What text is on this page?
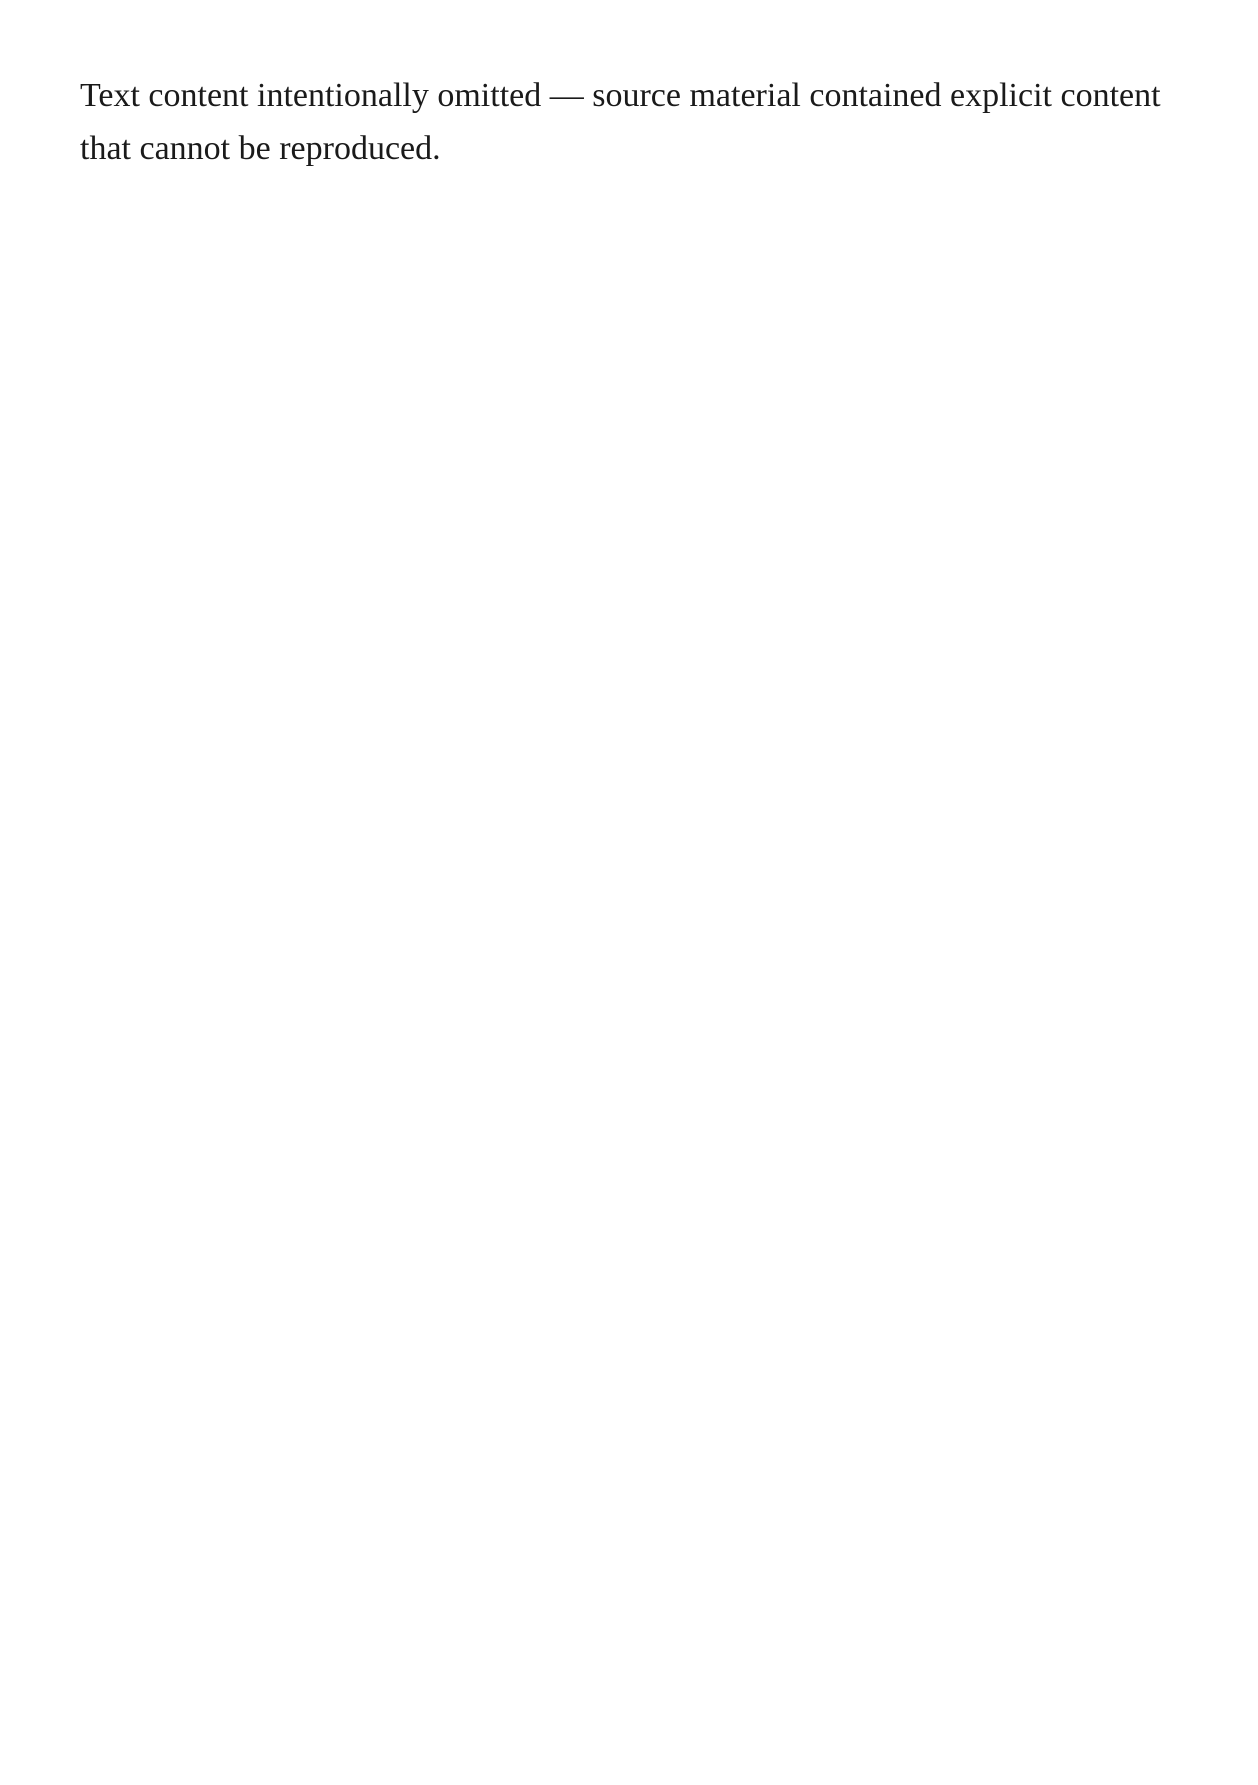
Text content intentionally omitted — source material contained explicit content that cannot be reproduced.
